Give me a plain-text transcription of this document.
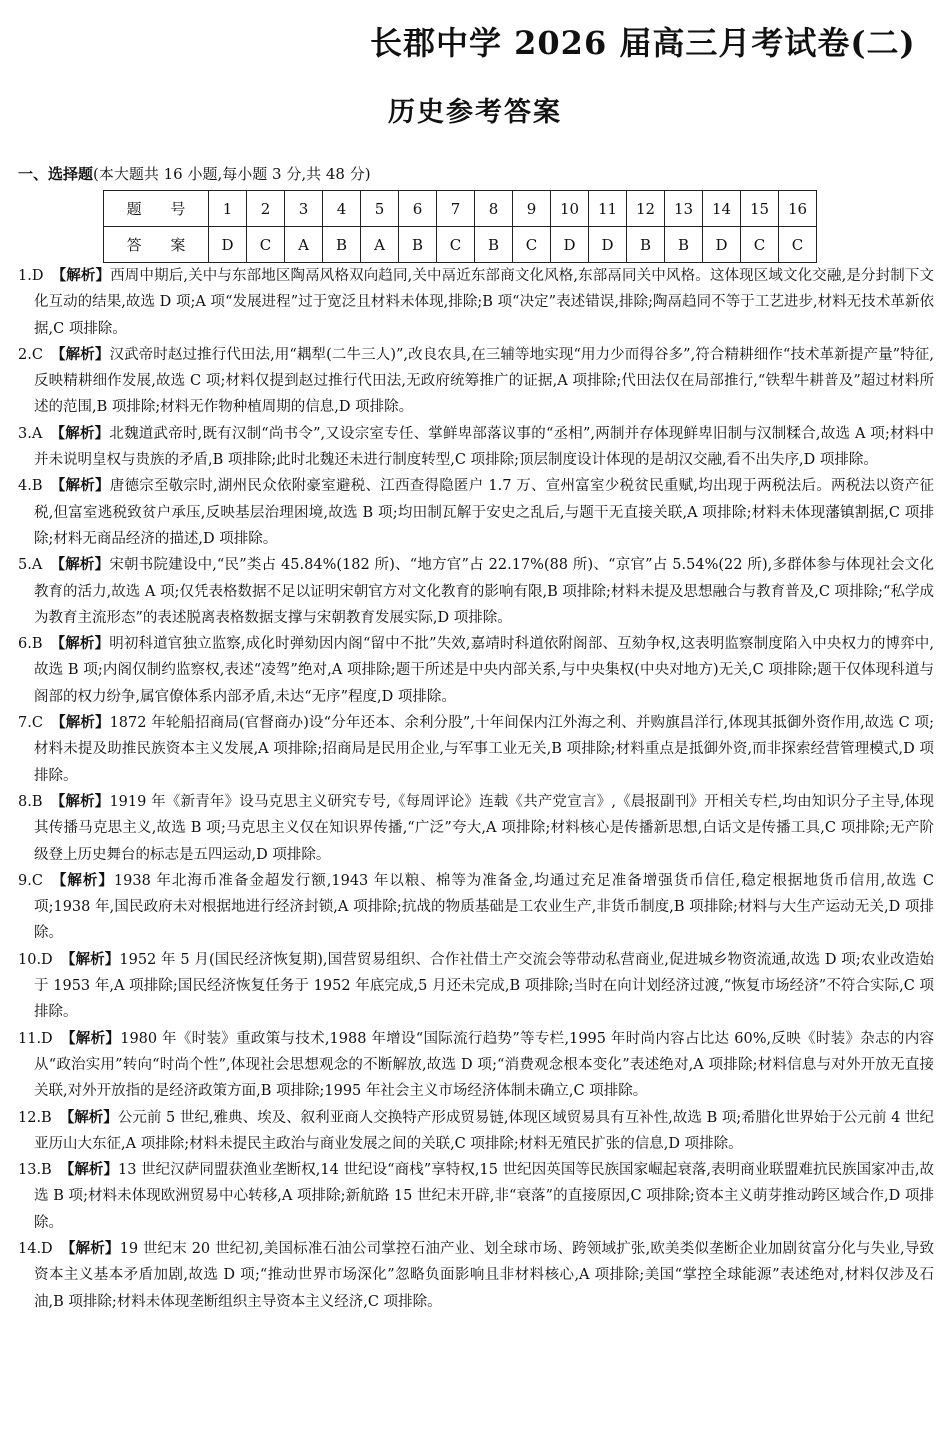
长郡中学 2026 届高三月考试卷(二)
历史参考答案
一、选择题(本大题共 16 小题,每小题 3 分,共 48 分)
题 号	1	2	3	4	5	6	7	8	9	10	11	12	13	14	15	16
答 案	D	C	A	B	A	B	C	B	C	D	D	B	B	D	C	C

1.D 【解析】西周中期后,关中与东部地区陶鬲风格双向趋同,关中鬲近东部商文化风格,东部鬲同关中风格。这体现区域文化交融,是分封制下文化互动的结果,故选 D 项;A 项“发展进程”过于宽泛且材料未体现,排除;B 项“决定”表述错误,排除;陶鬲趋同不等于工艺进步,材料无技术革新依据,C 项排除。

2.C 【解析】汉武帝时赵过推行代田法,用“耦犁(二牛三人)”,改良农具,在三辅等地实现“用力少而得谷多”,符合精耕细作“技术革新提产量”特征,反映精耕细作发展,故选 C 项;材料仅提到赵过推行代田法,无政府统筹推广的证据,A 项排除;代田法仅在局部推行,“铁犁牛耕普及”超过材料所述的范围,B 项排除;材料无作物种植周期的信息,D 项排除。

3.A 【解析】北魏道武帝时,既有汉制“尚书令”,又设宗室专任、掌鲜卑部落议事的“丞相”,两制并存体现鲜卑旧制与汉制糅合,故选 A 项;材料中并未说明皇权与贵族的矛盾,B 项排除;此时北魏还未进行制度转型,C 项排除;顶层制度设计体现的是胡汉交融,看不出失序,D 项排除。

4.B 【解析】唐德宗至敬宗时,湖州民众依附豪室避税、江西查得隐匿户 1.7 万、宣州富室少税贫民重赋,均出现于两税法后。两税法以资产征税,但富室逃税致贫户承压,反映基层治理困境,故选 B 项;均田制瓦解于安史之乱后,与题干无直接关联,A 项排除;材料未体现藩镇割据,C 项排除;材料无商品经济的描述,D 项排除。

5.A 【解析】宋朝书院建设中,“民”类占 45.84%(182 所)、“地方官”占 22.17%(88 所)、“京官”占 5.54%(22 所),多群体参与体现社会文化教育的活力,故选 A 项;仅凭表格数据不足以证明宋朝官方对文化教育的影响有限,B 项排除;材料未提及思想融合与教育普及,C 项排除;“私学成为教育主流形态”的表述脱离表格数据支撑与宋朝教育发展实际,D 项排除。

6.B 【解析】明初科道官独立监察,成化时弹劾因内阁“留中不批”失效,嘉靖时科道依附阁部、互劾争权,这表明监察制度陷入中央权力的博弈中,故选 B 项;内阁仅制约监察权,表述“凌驾”绝对,A 项排除;题干所述是中央内部关系,与中央集权(中央对地方)无关,C 项排除;题干仅体现科道与阁部的权力纷争,属官僚体系内部矛盾,未达“无序”程度,D 项排除。

7.C 【解析】1872 年轮船招商局(官督商办)设“分年还本、余利分股”,十年间保内江外海之利、并购旗昌洋行,体现其抵御外资作用,故选 C 项;材料未提及助推民族资本主义发展,A 项排除;招商局是民用企业,与军事工业无关,B 项排除;材料重点是抵御外资,而非探索经营管理模式,D 项排除。

8.B 【解析】1919 年《新青年》设马克思主义研究专号,《每周评论》连载《共产党宣言》,《晨报副刊》开相关专栏,均由知识分子主导,体现其传播马克思主义,故选 B 项;马克思主义仅在知识界传播,“广泛”夸大,A 项排除;材料核心是传播新思想,白话文是传播工具,C 项排除;无产阶级登上历史舞台的标志是五四运动,D 项排除。

9.C 【解析】1938 年北海币准备金超发行额,1943 年以粮、棉等为准备金,均通过充足准备增强货币信任,稳定根据地货币信用,故选 C 项;1938 年,国民政府未对根据地进行经济封锁,A 项排除;抗战的物质基础是工农业生产,非货币制度,B 项排除;材料与大生产运动无关,D 项排除。

10.D 【解析】1952 年 5 月(国民经济恢复期),国营贸易组织、合作社借土产交流会等带动私营商业,促进城乡物资流通,故选 D 项;农业改造始于 1953 年,A 项排除;国民经济恢复任务于 1952 年底完成,5 月还未完成,B 项排除;当时在向计划经济过渡,“恢复市场经济”不符合实际,C 项排除。

11.D 【解析】1980 年《时装》重政策与技术,1988 年增设“国际流行趋势”等专栏,1995 年时尚内容占比达 60%,反映《时装》杂志的内容从“政治实用”转向“时尚个性”,体现社会思想观念的不断解放,故选 D 项;“消费观念根本变化”表述绝对,A 项排除;材料信息与对外开放无直接关联,对外开放指的是经济政策方面,B 项排除;1995 年社会主义市场经济体制未确立,C 项排除。

12.B 【解析】公元前 5 世纪,雅典、埃及、叙利亚商人交换特产形成贸易链,体现区域贸易具有互补性,故选 B 项;希腊化世界始于公元前 4 世纪亚历山大东征,A 项排除;材料未提民主政治与商业发展之间的关联,C 项排除;材料无殖民扩张的信息,D 项排除。

13.B 【解析】13 世纪汉萨同盟获渔业垄断权,14 世纪设“商栈”享特权,15 世纪因英国等民族国家崛起衰落,表明商业联盟难抗民族国家冲击,故选 B 项;材料未体现欧洲贸易中心转移,A 项排除;新航路 15 世纪末开辟,非“衰落”的直接原因,C 项排除;资本主义萌芽推动跨区域合作,D 项排除。

14.D 【解析】19 世纪末 20 世纪初,美国标准石油公司掌控石油产业、划全球市场、跨领域扩张,欧美类似垄断企业加剧贫富分化与失业,导致资本主义基本矛盾加剧,故选 D 项;“推动世界市场深化”忽略负面影响且非材料核心,A 项排除;美国“掌控全球能源”表述绝对,材料仅涉及石油,B 项排除;材料未体现垄断组织主导资本主义经济,C 项排除。
